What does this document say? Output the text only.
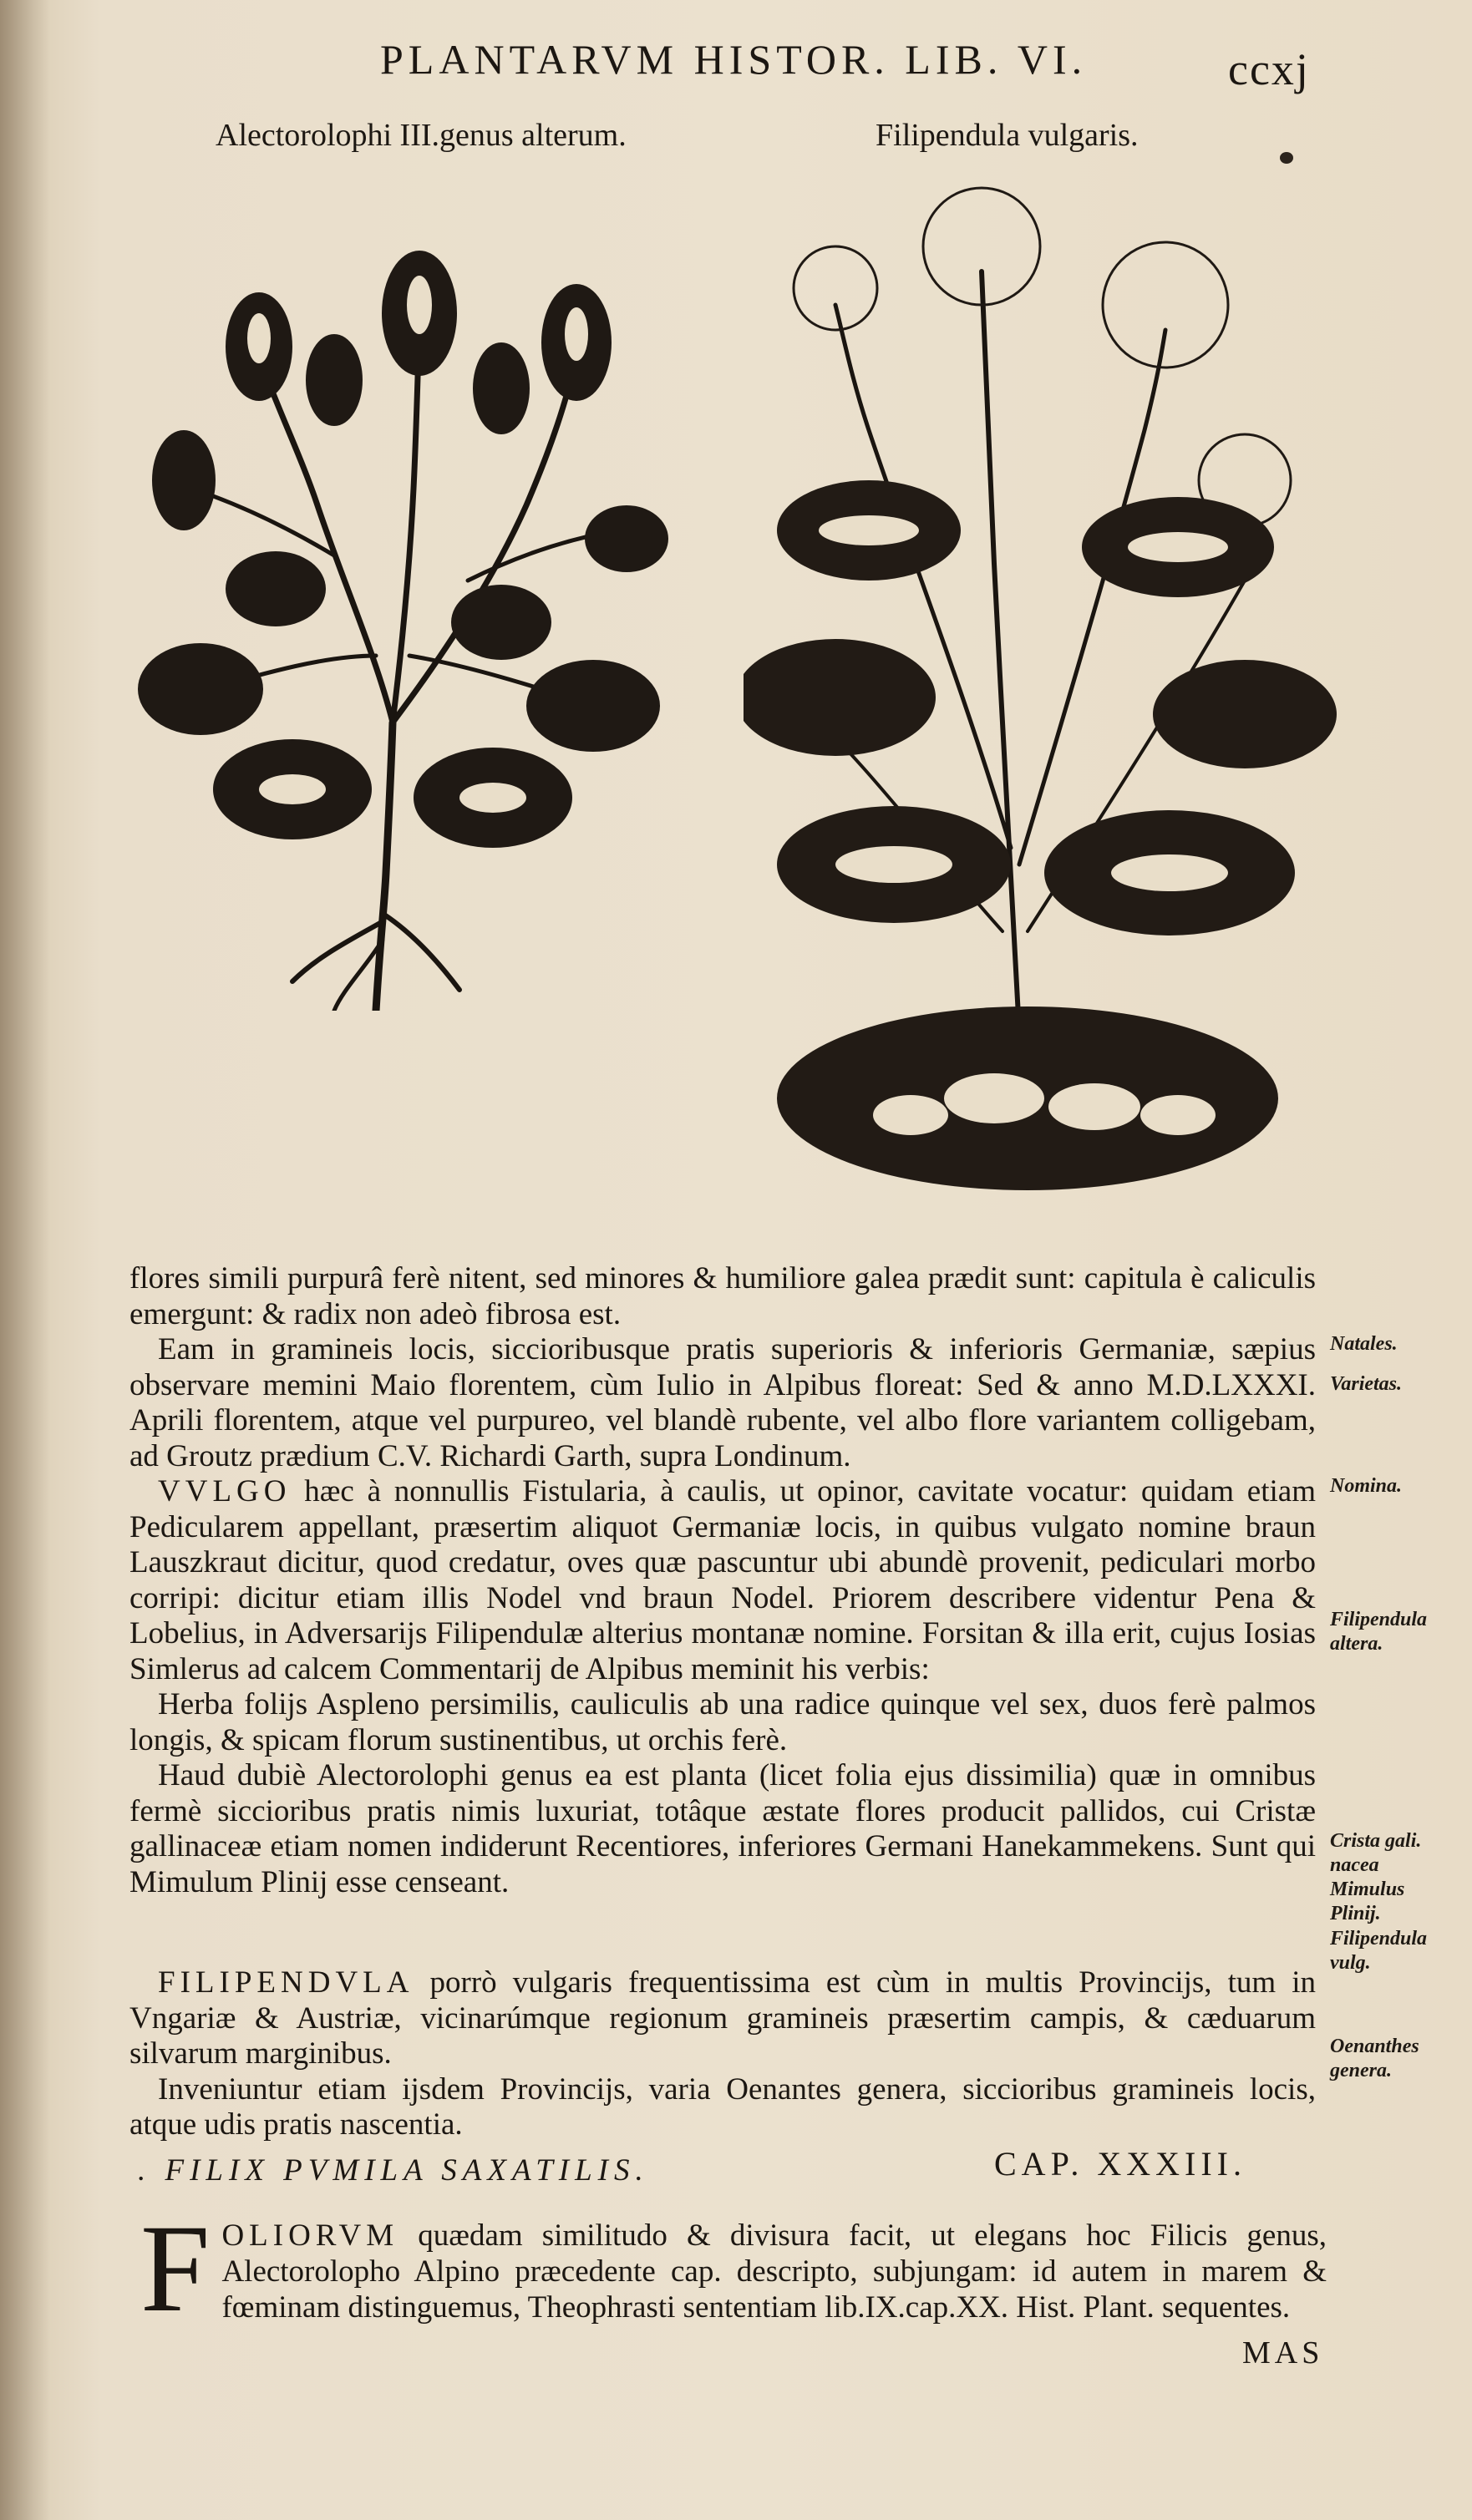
PLANTARVM HISTOR. LIB. VI.	ccxj
Alectorolophi III.genus alterum.	Filipendula vulgaris.

flores simili purpurâ ferè nitent, sed minores & humiliore galea prædit sunt: capitula è caliculis emergunt: & radix non adeò fibrosa est.

Eam in gramineis locis, siccioribusque pratis superioris & inferioris Germaniæ, sæpius observare memini Maio florentem, cùm Iulio in Alpibus floreat: Sed & anno M.D.LXXXI. Aprili florentem, atque vel purpureo, vel blandè rubente, vel albo flore variantem colligebam, ad Groutz prædium C.V. Richardi Garth, supra Londinum.

VVLGO hæc à nonnullis Fistularia, à caulis, ut opinor, cavitate vocatur: quidam etiam Pedicularem appellant, præsertim aliquot Germaniæ locis, in quibus vulgato nomine braun Lauszkraut dicitur, quod credatur, oves quæ pascuntur ubi abundè provenit, pediculari morbo corripi: dicitur etiam illis Nodel vnd braun Nodel. Priorem describere videntur Pena & Lobelius, in Adversarijs Filipendulæ alterius montanæ nomine. Forsitan & illa erit, cujus Iosias Simlerus ad calcem Commentarij de Alpibus meminit his verbis:

Herba folijs Aspleno persimilis, cauliculis ab una radice quinque vel sex, duos ferè palmos longis, & spicam florum sustinentibus, ut orchis ferè.

Haud dubiè Alectorolophi genus ea est planta (licet folia ejus dissimilia) quæ in omnibus fermè siccioribus pratis nimis luxuriat, totâque æstate flores producit pallidos, cui Cristæ gallinaceæ etiam nomen indiderunt Recentiores, inferiores Germani Hanekammekens. Sunt qui Mimulum Plinij esse censeant.

FILIPENDVLA porrò vulgaris frequentissima est cùm in multis Provincijs, tum in Vngariæ & Austriæ, vicinarúmque regionum gramineis præsertim campis, & cæduarum silvarum marginibus.

Inveniuntur etiam ijsdem Provincijs, varia Oenantes genera, siccioribus gramineis locis, atque udis pratis nascentia.

Natales.
Varietas.
Nomina.
Filipendula
altera.
Crista gali.
nacea
Mimulus
Plinij.
Filipendula
vulg.
Oenanthes
genera.
. FILIX PVMILA SAXATILIS.	CAP. XXXIII.
F OLIORVM quædam similitudo & divisura facit, ut elegans hoc Filicis genus, Alectorolopho Alpino præcedente cap. descripto, subjungam: id autem in marem & fœminam distinguemus, Theophrasti sententiam lib.IX.cap.XX. Hist. Plant. sequentes.

MAS
